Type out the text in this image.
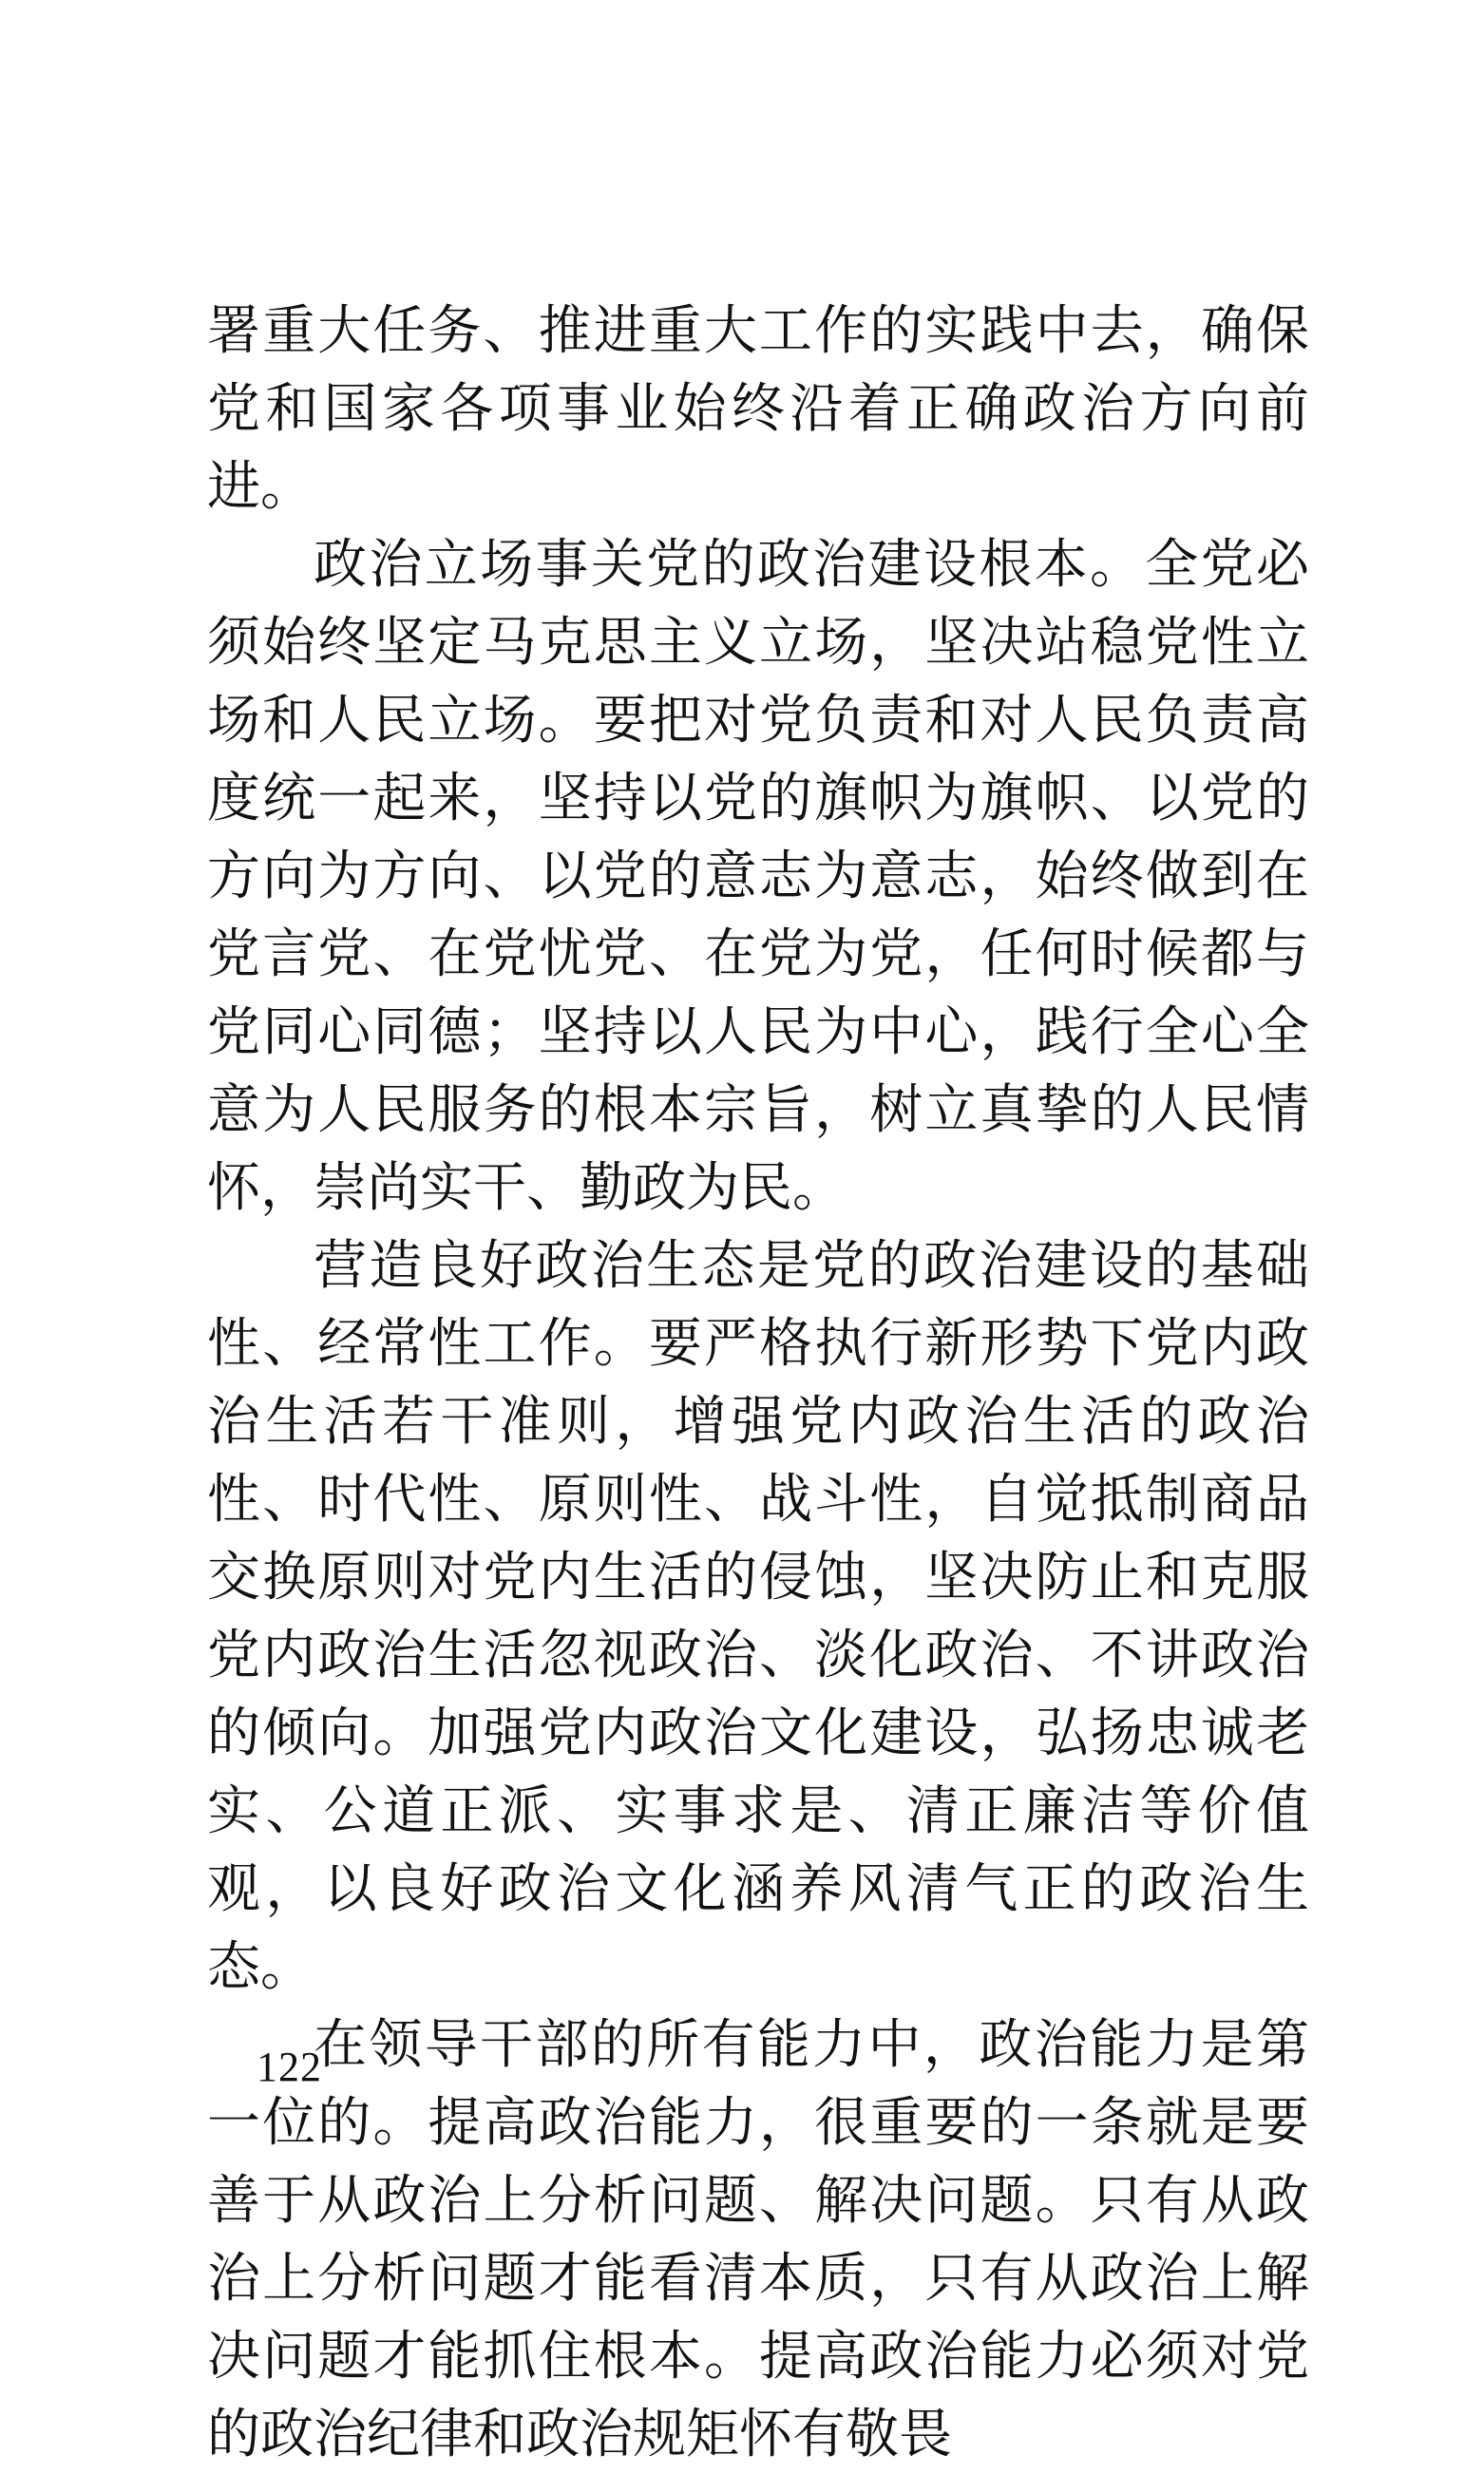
署重大任务、推进重大工作的实践中去，确保党和国家各项事业始终沿着正确政治方向前进。

政治立场事关党的政治建设根本。全党必须始终坚定马克思主义立场，坚决站稳党性立场和人民立场。要把对党负责和对人民负责高度统一起来，坚持以党的旗帜为旗帜、以党的方向为方向、以党的意志为意志，始终做到在党言党、在党忧党、在党为党，任何时候都与党同心同德；坚持以人民为中心，践行全心全意为人民服务的根本宗旨，树立真挚的人民情怀，崇尚实干、勤政为民。

营造良好政治生态是党的政治建设的基础性、经常性工作。要严格执行新形势下党内政治生活若干准则，增强党内政治生活的政治性、时代性、原则性、战斗性，自觉抵制商品交换原则对党内生活的侵蚀，坚决防止和克服党内政治生活忽视政治、淡化政治、不讲政治的倾向。加强党内政治文化建设，弘扬忠诚老实、公道正派、实事求是、清正廉洁等价值观，以良好政治文化涵养风清气正的政治生态。

在领导干部的所有能力中，政治能力是第一位的。提高政治能力，很重要的一条就是要善于从政治上分析问题、解决问题。只有从政治上分析问题才能看清本质，只有从政治上解决问题才能抓住根本。提高政治能力必须对党的政治纪律和政治规矩怀有敬畏

122
